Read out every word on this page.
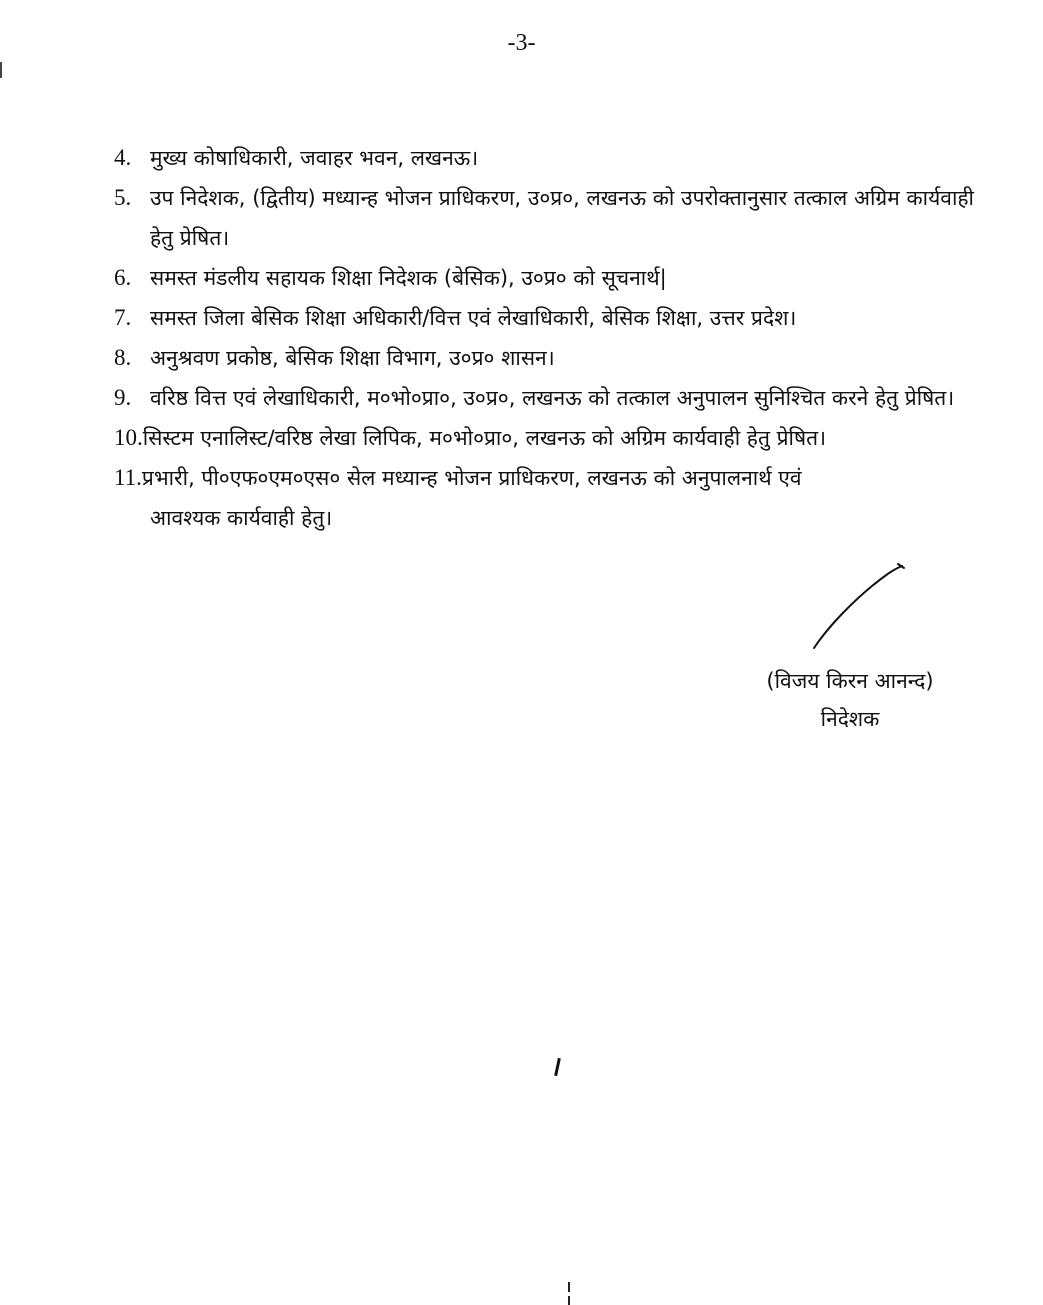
-3-
4. मुख्य कोषाधिकारी, जवाहर भवन, लखनऊ।
5. उप निदेशक, (द्वितीय) मध्यान्ह भोजन प्राधिकरण, उ०प्र०, लखनऊ को उपरोक्तानुसार तत्काल अग्रिम कार्यवाही हेतु प्रेषित।
6. समस्त मंडलीय सहायक शिक्षा निदेशक (बेसिक), उ०प्र० को सूचनार्थ|
7. समस्त जिला बेसिक शिक्षा अधिकारी/वित्त एवं लेखाधिकारी, बेसिक शिक्षा, उत्तर प्रदेश।
8. अनुश्रवण प्रकोष्ठ, बेसिक शिक्षा विभाग, उ०प्र० शासन।
9. वरिष्ठ वित्त एवं लेखाधिकारी, म०भो०प्रा०, उ०प्र०, लखनऊ को तत्काल अनुपालन सुनिश्चित करने हेतु प्रेषित।
10.सिस्टम एनालिस्ट/वरिष्ठ लेखा लिपिक, म०भो०प्रा०, लखनऊ को अग्रिम कार्यवाही हेतु प्रेषित।
11.प्रभारी, पी०एफ०एम०एस० सेल मध्यान्ह भोजन प्राधिकरण, लखनऊ को अनुपालनार्थ एवं
आवश्यक कार्यवाही हेतु।
(विजय किरन आनन्द)
निदेशक
